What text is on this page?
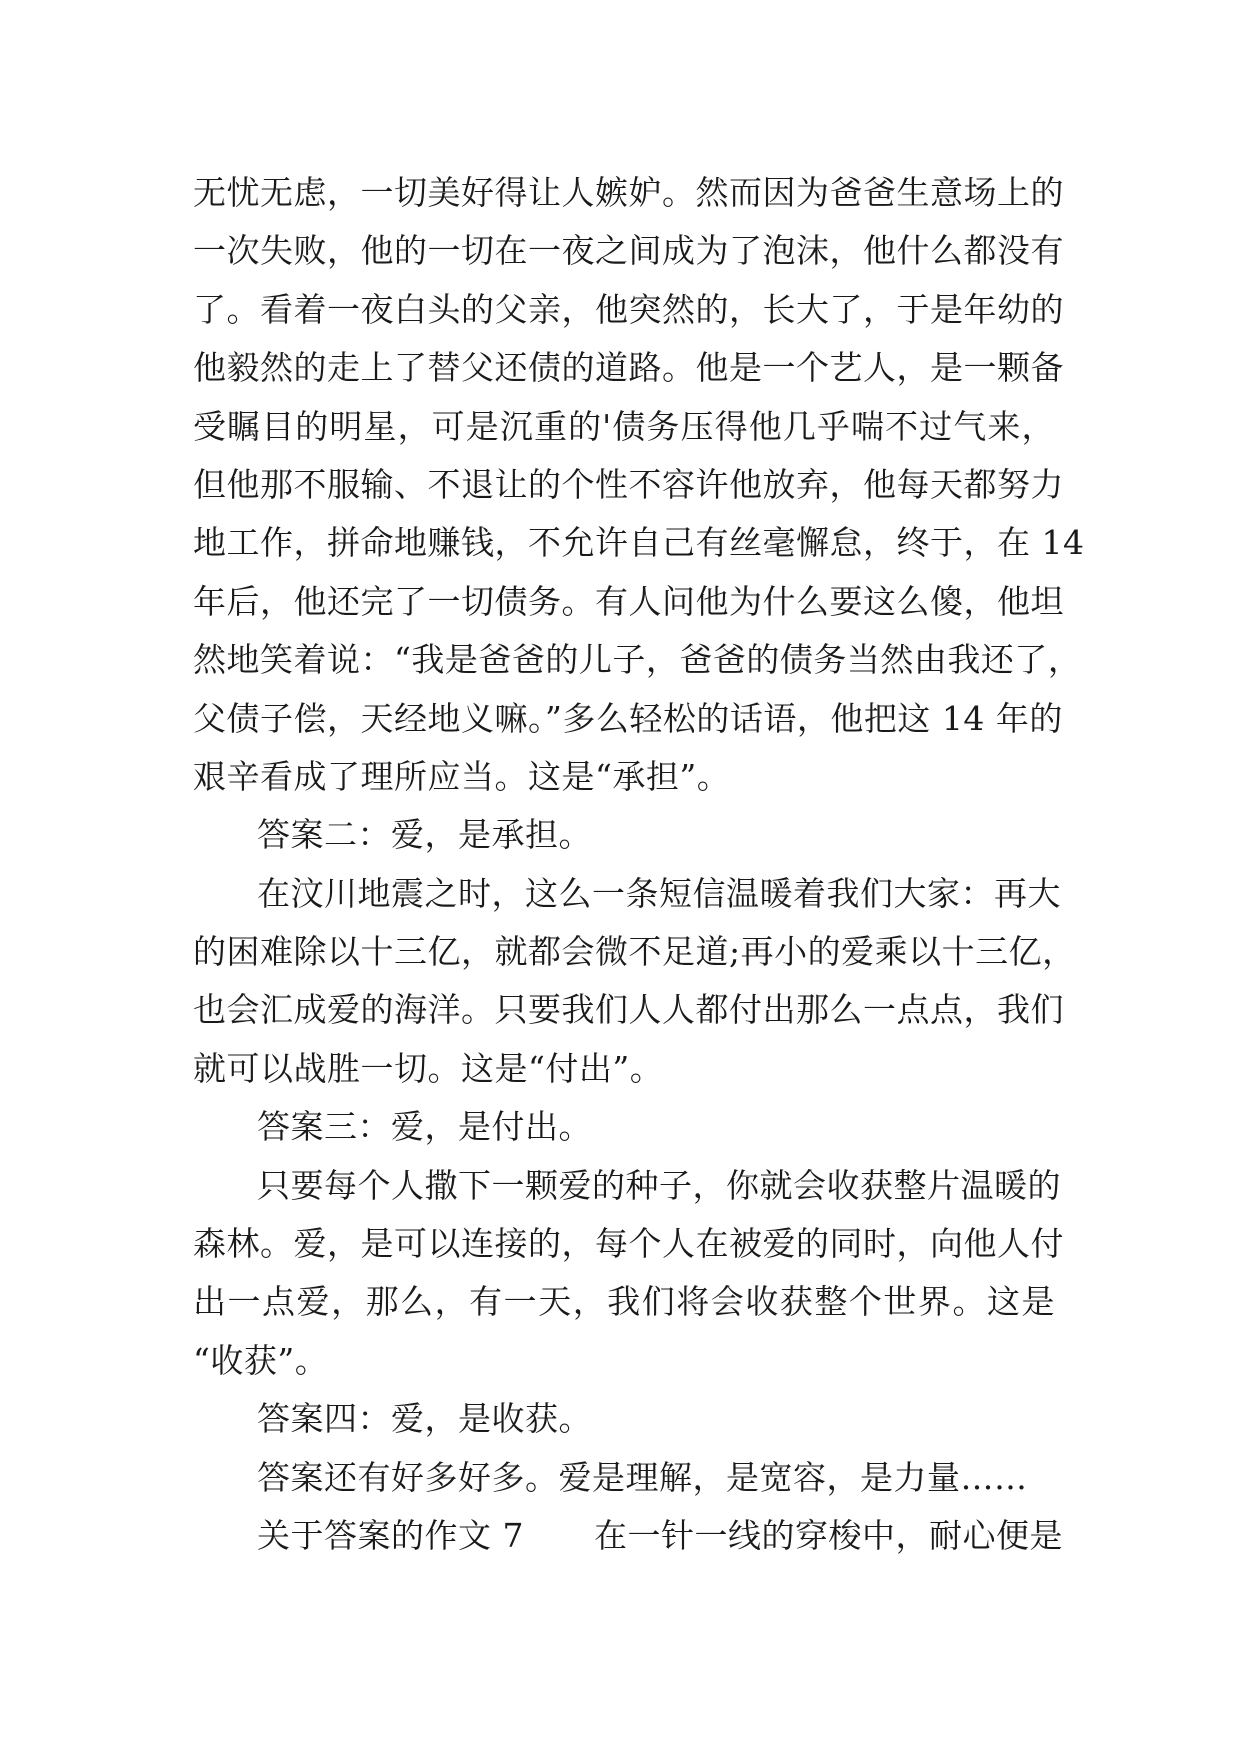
无忧无虑，一切美好得让人嫉妒。然而因为爸爸生意场上的
一次失败，他的一切在一夜之间成为了泡沫，他什么都没有
了。看着一夜白头的父亲，他突然的，长大了，于是年幼的
他毅然的走上了替父还债的道路。他是一个艺人，是一颗备
受瞩目的明星，可是沉重的'债务压得他几乎喘不过气来，
但他那不服输、不退让的个性不容许他放弃，他每天都努力
地工作，拼命地赚钱，不允许自己有丝毫懈怠，终于，在 14
年后，他还完了一切债务。有人问他为什么要这么傻，他坦
然地笑着说：“我是爸爸的儿子，爸爸的债务当然由我还了，
父债子偿，天经地义嘛。”多么轻松的话语，他把这 14 年的
艰辛看成了理所应当。这是“承担”。
答案二：爱，是承担。
在汶川地震之时，这么一条短信温暖着我们大家：再大
的困难除以十三亿，就都会微不足道;再小的爱乘以十三亿，
也会汇成爱的海洋。只要我们人人都付出那么一点点，我们
就可以战胜一切。这是“付出”。
答案三：爱，是付出。
只要每个人撒下一颗爱的种子，你就会收获整片温暖的
森林。爱，是可以连接的，每个人在被爱的同时，向他人付
出一点爱，那么，有一天，我们将会收获整个世界。这是
“收获”。
答案四：爱，是收获。
答案还有好多好多。爱是理解，是宽容，是力量……
关于答案的作文 7 在一针一线的穿梭中，耐心便是
